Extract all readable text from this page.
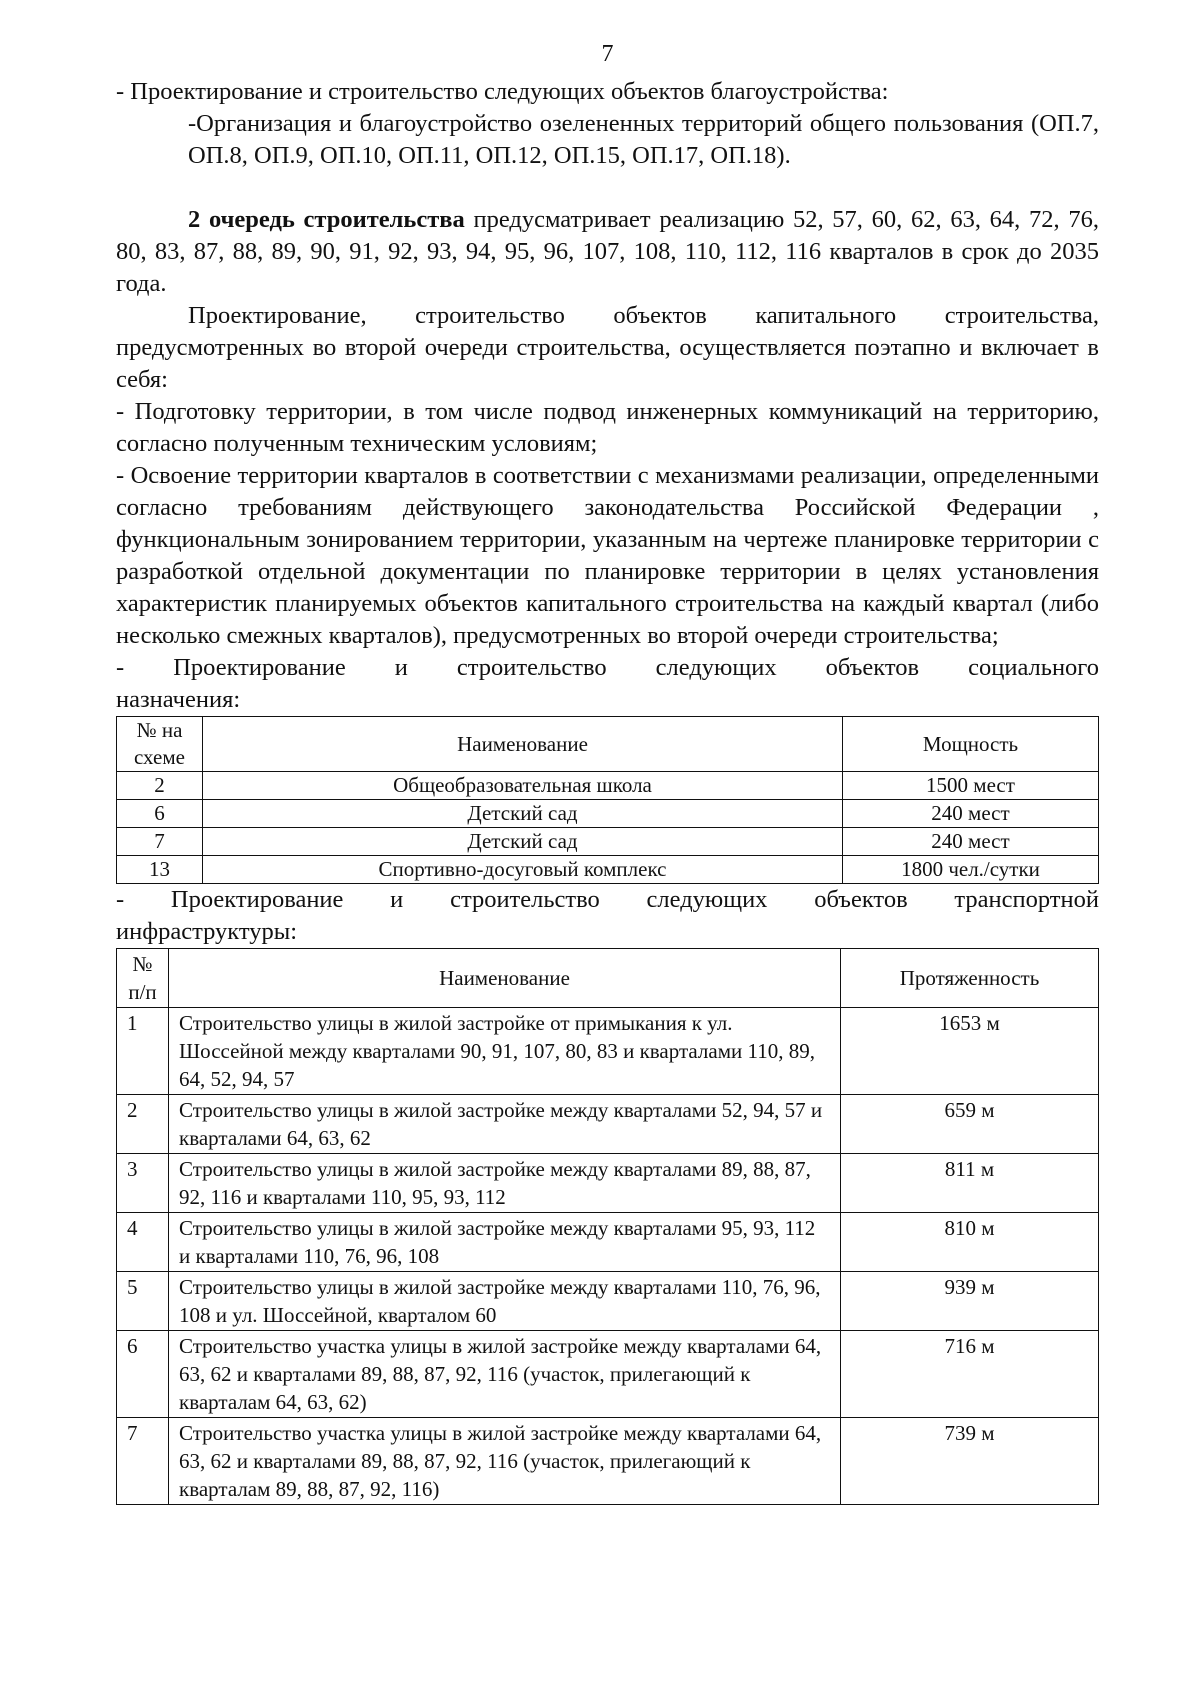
7

- Проектирование и строительство следующих объектов благоустройства:

-Организация и благоустройство озелененных территорий общего пользования (ОП.7, ОП.8, ОП.9, ОП.10, ОП.11, ОП.12, ОП.15, ОП.17, ОП.18).

2 очередь строительства предусматривает реализацию 52, 57, 60, 62, 63, 64, 72, 76, 80, 83, 87, 88, 89, 90, 91, 92, 93, 94, 95, 96, 107, 108, 110, 112, 116 кварталов в срок до 2035 года.

Проектирование, строительство объектов капитального строительства, предусмотренных во второй очереди строительства, осуществляется поэтапно и включает в себя:

- Подготовку территории, в том числе подвод инженерных коммуникаций на территорию, согласно полученным техническим условиям;

- Освоение территории кварталов в соответствии с механизмами реализации, определенными согласно требованиям действующего законодательства Российской Федерации , функциональным зонированием территории, указанным на чертеже планировке территории с разработкой отдельной документации по планировке территории в целях установления характеристик планируемых объектов капитального строительства на каждый квартал (либо несколько смежных кварталов), предусмотренных во второй очереди строительства;

- Проектирование и строительство следующих объектов социального

назначения:

№ на схеме	Наименование	Мощность
2	Общеобразовательная школа	1500 мест
6	Детский сад	240 мест
7	Детский сад	240 мест
13	Спортивно-досуговый комплекс	1800 чел./сутки

- Проектирование и строительство следующих объектов транспортной

инфраструктуры:

№ п/п	Наименование	Протяженность
1	Строительство улицы в жилой застройке от примыкания к ул. Шоссейной между кварталами 90, 91, 107, 80, 83 и кварталами 110, 89, 64, 52, 94, 57	1653 м
2	Строительство улицы в жилой застройке между кварталами 52, 94, 57 и кварталами 64, 63, 62	659 м
3	Строительство улицы в жилой застройке между кварталами 89, 88, 87, 92, 116 и кварталами 110, 95, 93, 112	811 м
4	Строительство улицы в жилой застройке между кварталами 95, 93, 112 и кварталами 110, 76, 96, 108	810 м
5	Строительство улицы в жилой застройке между кварталами 110, 76, 96, 108 и ул. Шоссейной, кварталом 60	939 м
6	Строительство участка улицы в жилой застройке между кварталами 64, 63, 62 и кварталами 89, 88, 87, 92, 116 (участок, прилегающий к кварталам 64, 63, 62)	716 м
7	Строительство участка улицы в жилой застройке между кварталами 64, 63, 62 и кварталами 89, 88, 87, 92, 116 (участок, прилегающий к кварталам 89, 88, 87, 92, 116)	739 м
